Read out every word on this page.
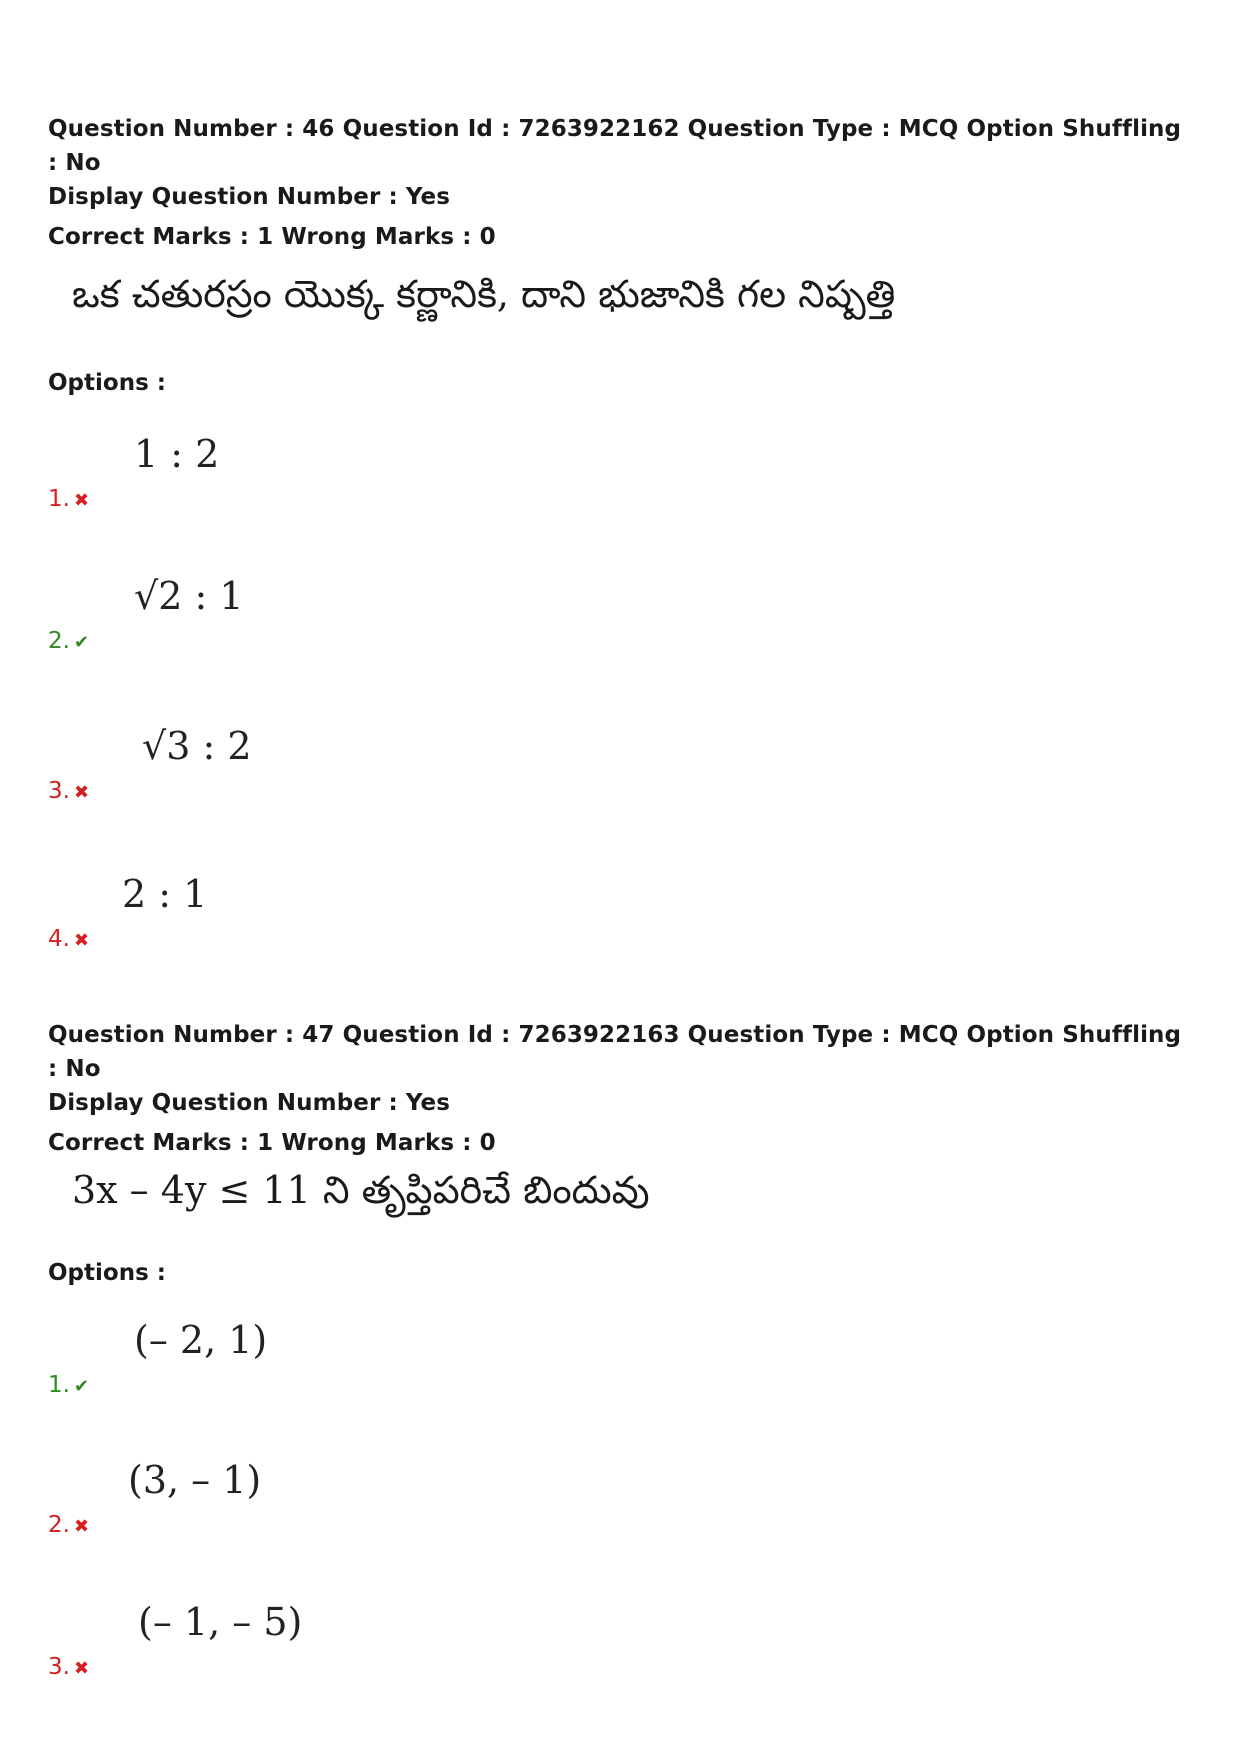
Question Number : 46 Question Id : 7263922162 Question Type : MCQ Option Shuffling : No
Display Question Number : Yes
Correct Marks : 1 Wrong Marks : 0
ఒక చతురస్రం యొక్క కర్ణానికి, దాని భుజానికి గల నిష్పత్తి
Options :
1 : 2
1. ✖
√2 : 1
2. ✔
√3 : 2
3. ✖
2 : 1
4. ✖
Question Number : 47 Question Id : 7263922163 Question Type : MCQ Option Shuffling : No
Display Question Number : Yes
Correct Marks : 1 Wrong Marks : 0
3x – 4y ≤ 11 ని తృప్తిపరిచే బిందువు
Options :
(– 2, 1)
1. ✔
(3, – 1)
2. ✖
(– 1, – 5)
3. ✖
